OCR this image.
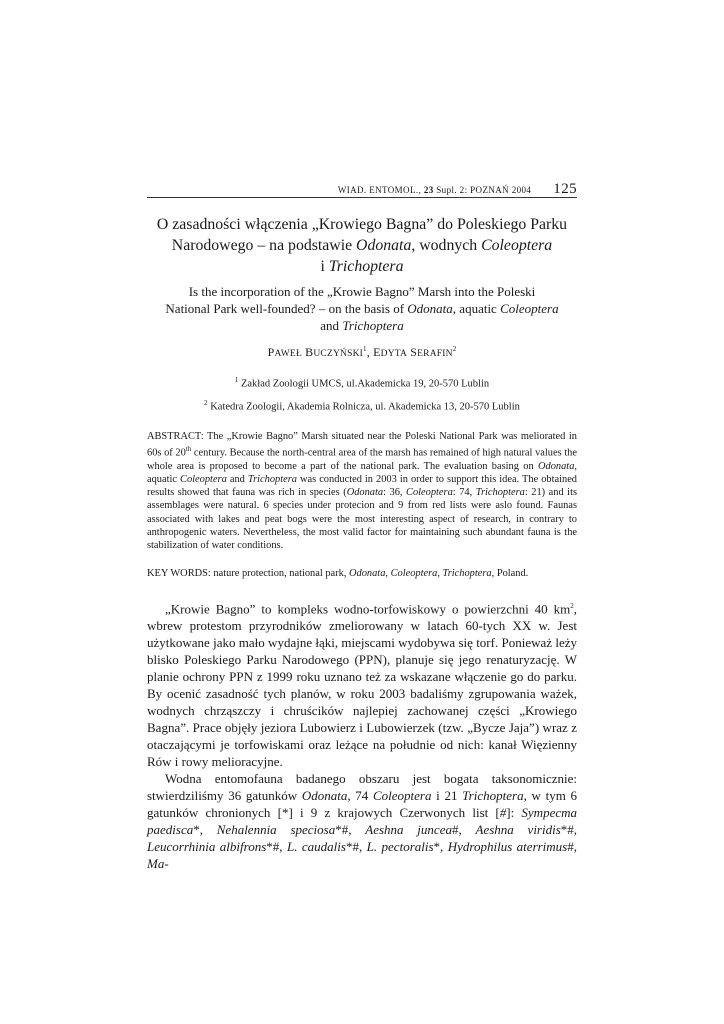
WIAD. ENTOMOL., 23 Supl. 2: POZNAŃ 2004 125
O zasadności włączenia „Krowiego Bagna” do Poleskiego Parku
Narodowego – na podstawie Odonata, wodnych Coleoptera
i Trichoptera
Is the incorporation of the „Krowie Bagno” Marsh into the Poleski
National Park well-founded? – on the basis of Odonata, aquatic Coleoptera
and Trichoptera
PAWEŁ BUCZYŃSKI$^1$, EDYTA SERAFIN$^2$
$^1$ Zakład Zoologii UMCS, ul.Akademicka 19, 20-570 Lublin
$^2$ Katedra Zoologii, Akademia Rolnicza, ul. Akademicka 13, 20-570 Lublin
ABSTRACT: The „Krowie Bagno” Marsh situated near the Poleski National Park was meliorated in 60s of 20th century. Because the north-central area of the marsh has remained of high natural values the whole area is proposed to become a part of the national park. The evaluation basing on Odonata, aquatic Coleoptera and Trichoptera was conducted in 2003 in order to support this idea. The obtained results showed that fauna was rich in species (Odonata: 36, Coleoptera: 74, Trichoptera: 21) and its assemblages were natural. 6 species under protecion and 9 from red lists were aslo found. Faunas associated with lakes and peat bogs were the most interesting aspect of research, in contrary to anthropogenic waters. Nevertheless, the most valid factor for maintaining such abundant fauna is the stabilization of water conditions.
KEY WORDS: nature protection, national park, Odonata, Coleoptera, Trichoptera, Poland.

„Krowie Bagno” to kompleks wodno-torfowiskowy o powierzchni 40 $km^2$, wbrew protestom przyrodników zmeliorowany w latach 60-tych XX w. Jest użytkowane jako mało wydajne łąki, miejscami wydobywa się torf. Ponieważ leży blisko Poleskiego Parku Narodowego (PPN), planuje się jego renaturyzację. W planie ochrony PPN z 1999 roku uznano też za wskazane włączenie go do parku. By ocenić zasadność tych planów, w roku 2003 badaliśmy zgrupowania ważek, wodnych chrząszczy i chruścików najlepiej zachowanej części „Krowiego Bagna”. Prace objęły jeziora Lubowierz i Lubowierzek (tzw. „Bycze Jaja”) wraz z otaczającymi je torfowiskami oraz leżące na południe od nich: kanał Więzienny Rów i rowy melioracyjne.

Wodna entomofauna badanego obszaru jest bogata taksonomicznie: stwierdziliśmy 36 gatunków Odonata, 74 Coleoptera i 21 Trichoptera, w tym 6 gatunków chronionych [*] i 9 z krajowych Czerwonych list [#]: Sympecma paedisca*, Nehalennia speciosa*#, Aeshna juncea#, Aeshna viridis*#, Leucorrhinia albifrons*#, L. caudalis*#, L. pectoralis*, Hydrophilus aterrimus#, Ma-
